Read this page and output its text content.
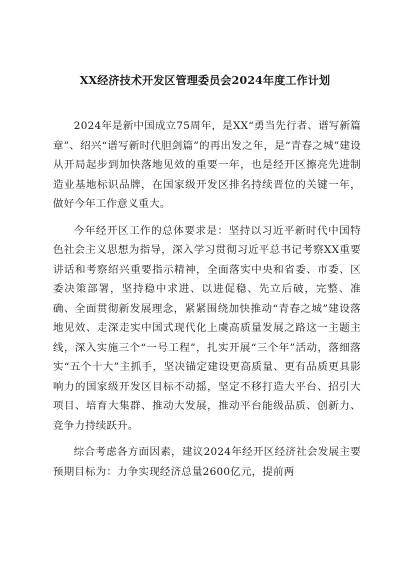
XX经济技术开发区管理委员会2024年度工作计划

2024年是新中国成立75周年，是XX“勇当先行者、谱写新篇章”、绍兴“谱写新时代胆剑篇”的再出发之年，是“青春之城”建设从开局起步到加快落地见效的重要一年，也是经开区擦亮先进制造业基地标识品牌，在国家级开发区排名持续晋位的关键一年，做好今年工作意义重大。

今年经开区工作的总体要求是：坚持以习近平新时代中国特色社会主义思想为指导，深入学习贯彻习近平总书记考察XX重要讲话和考察绍兴重要指示精神，全面落实中央和省委、市委、区委决策部署，坚持稳中求进、以进促稳、先立后破，完整、准确、全面贯彻新发展理念，紧紧围绕加快推动“青春之城”建设落地见效、走深走实中国式现代化上虞高质量发展之路这一主题主线，深入实施三个“一号工程”，扎实开展“三个年”活动，落细落实“五个十大”主抓手，坚决锚定建设更高质量、更有品质更具影响力的国家级开发区目标不动摇，坚定不移打造大平台、招引大项目、培育大集群、推动大发展，推动平台能级品质、创新力、竞争力持续跃升。

综合考虑各方面因素，建议2024年经开区经济社会发展主要预期目标为：力争实现经济总量2600亿元，提前两
